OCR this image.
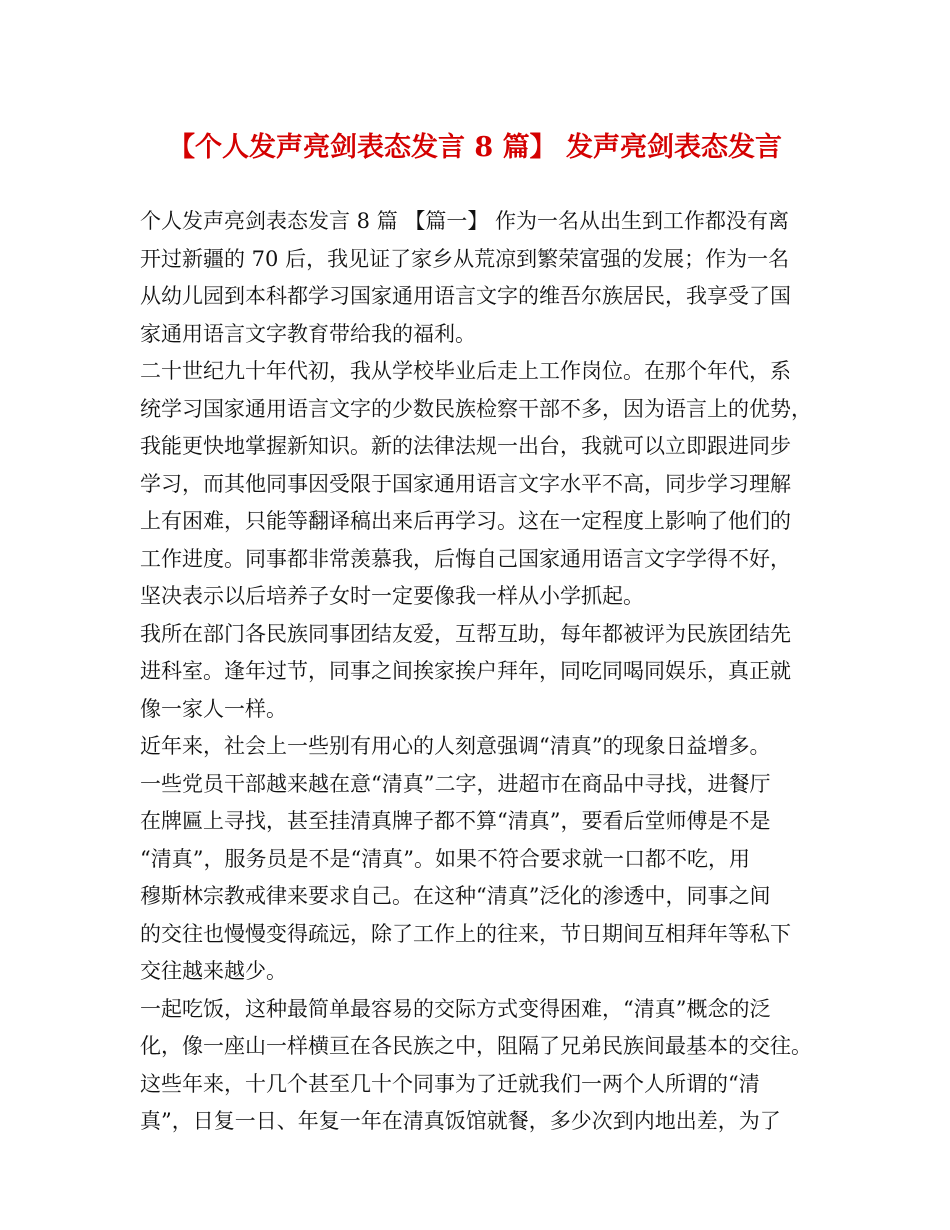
【个人发声亮剑表态发言 8 篇】 发声亮剑表态发言
个人发声亮剑表态发言 8 篇 【篇一】 作为一名从出生到工作都没有离
开过新疆的 70 后，我见证了家乡从荒凉到繁荣富强的发展；作为一名
从幼儿园到本科都学习国家通用语言文字的维吾尔族居民，我享受了国
家通用语言文字教育带给我的福利。
二十世纪九十年代初，我从学校毕业后走上工作岗位。在那个年代，系
统学习国家通用语言文字的少数民族检察干部不多，因为语言上的优势，
我能更快地掌握新知识。新的法律法规一出台，我就可以立即跟进同步
学习，而其他同事因受限于国家通用语言文字水平不高，同步学习理解
上有困难，只能等翻译稿出来后再学习。这在一定程度上影响了他们的
工作进度。同事都非常羡慕我，后悔自己国家通用语言文字学得不好，
坚决表示以后培养子女时一定要像我一样从小学抓起。
我所在部门各民族同事团结友爱，互帮互助，每年都被评为民族团结先
进科室。逢年过节，同事之间挨家挨户拜年，同吃同喝同娱乐，真正就
像一家人一样。
近年来，社会上一些别有用心的人刻意强调“清真”的现象日益增多。
一些党员干部越来越在意“清真”二字，进超市在商品中寻找，进餐厅
在牌匾上寻找，甚至挂清真牌子都不算“清真”，要看后堂师傅是不是
“清真”，服务员是不是“清真”。如果不符合要求就一口都不吃，用
穆斯林宗教戒律来要求自己。在这种“清真”泛化的渗透中，同事之间
的交往也慢慢变得疏远，除了工作上的往来，节日期间互相拜年等私下
交往越来越少。
一起吃饭，这种最简单最容易的交际方式变得困难，“清真”概念的泛
化，像一座山一样横亘在各民族之中，阻隔了兄弟民族间最基本的交往。
这些年来，十几个甚至几十个同事为了迁就我们一两个人所谓的“清
真”，日复一日、年复一年在清真饭馆就餐，多少次到内地出差，为了
